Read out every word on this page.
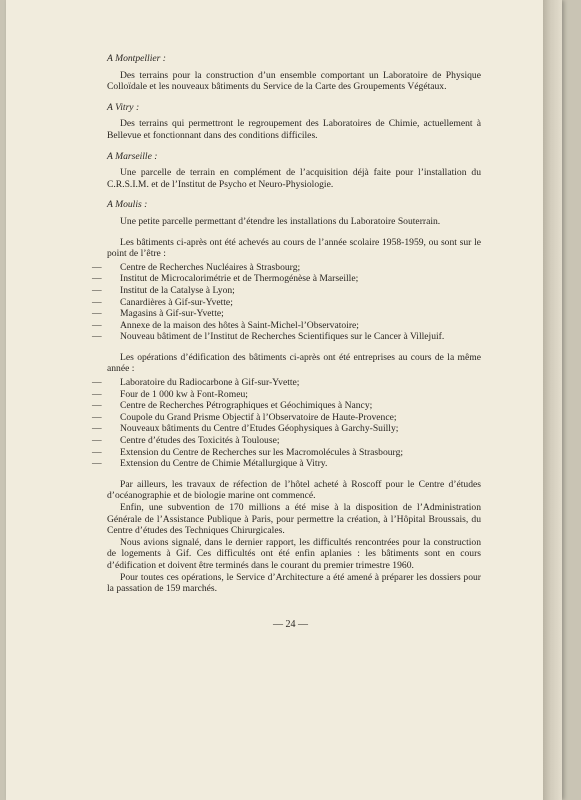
A Montpellier :

Des terrains pour la construction d’un ensemble comportant un Laboratoire de Physique Colloïdale et les nouveaux bâtiments du Service de la Carte des Groupements Végétaux.

A Vitry :

Des terrains qui permettront le regroupement des Laboratoires de Chimie, actuellement à Bellevue et fonctionnant dans des conditions difficiles.

A Marseille :

Une parcelle de terrain en complément de l’acquisition déjà faite pour l’installation du C.R.S.I.M. et de l’Institut de Psycho et Neuro-Physiologie.

A Moulis :

Une petite parcelle permettant d’étendre les installations du Laboratoire Souterrain.

Les bâtiments ci-après ont été achevés au cours de l’année scolaire 1958-1959, ou sont sur le point de l’être :

— Centre de Recherches Nucléaires à Strasbourg;
— Institut de Microcalorimétrie et de Thermogénèse à Marseille;
— Institut de la Catalyse à Lyon;
— Canardières à Gif-sur-Yvette;
— Magasins à Gif-sur-Yvette;
— Annexe de la maison des hôtes à Saint-Michel-l’Observatoire;
— Nouveau bâtiment de l’Institut de Recherches Scientifiques sur le Cancer à Villejuif.

Les opérations d’édification des bâtiments ci-après ont été entreprises au cours de la même année :

— Laboratoire du Radiocarbone à Gif-sur-Yvette;
— Four de 1 000 kw à Font-Romeu;
— Centre de Recherches Pétrographiques et Géochimiques à Nancy;
— Coupole du Grand Prisme Objectif à l’Observatoire de Haute-Provence;
— Nouveaux bâtiments du Centre d’Etudes Géophysiques à Garchy-Suilly;
— Centre d’études des Toxicités à Toulouse;
— Extension du Centre de Recherches sur les Macromolécules à Strasbourg;
— Extension du Centre de Chimie Métallurgique à Vitry.

Par ailleurs, les travaux de réfection de l’hôtel acheté à Roscoff pour le Centre d’études d’océanographie et de biologie marine ont commencé.

Enfin, une subvention de 170 millions a été mise à la disposition de l’Administration Générale de l’Assistance Publique à Paris, pour permettre la création, à l’Hôpital Broussais, du Centre d’études des Techniques Chirurgicales.

Nous avions signalé, dans le dernier rapport, les difficultés rencontrées pour la construction de logements à Gif. Ces difficultés ont été enfin aplanies : les bâtiments sont en cours d’édification et doivent être terminés dans le courant du premier trimestre 1960.

Pour toutes ces opérations, le Service d’Architecture a été amené à préparer les dossiers pour la passation de 159 marchés.

— 24 —
